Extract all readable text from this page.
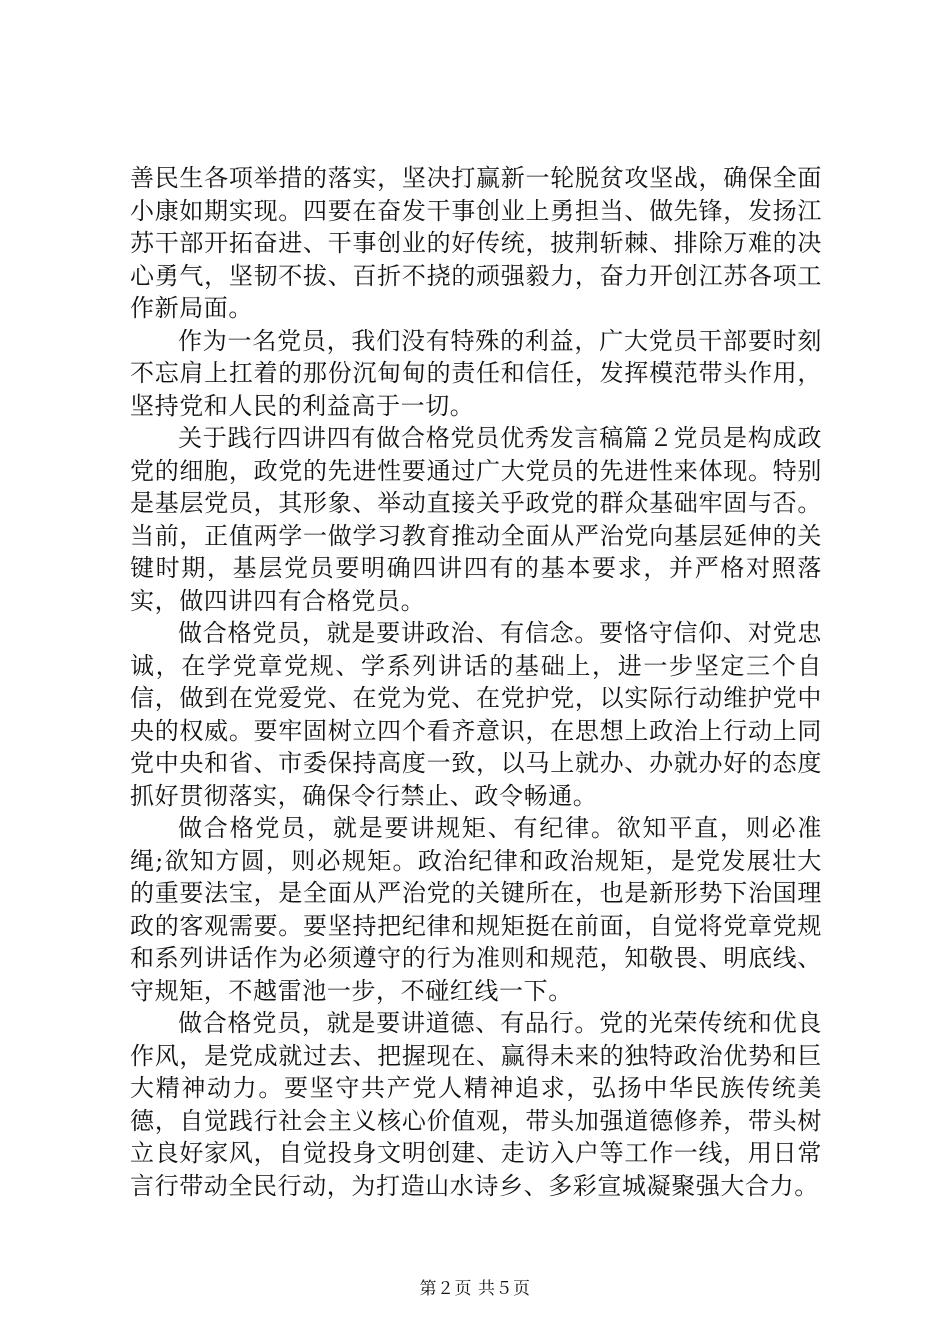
善民生各项举措的落实，坚决打赢新一轮脱贫攻坚战，确保全面小康如期实现。四要在奋发干事创业上勇担当、做先锋，发扬江苏干部开拓奋进、干事创业的好传统，披荆斩棘、排除万难的决心勇气，坚韧不拔、百折不挠的顽强毅力，奋力开创江苏各项工作新局面。

作为一名党员，我们没有特殊的利益，广大党员干部要时刻不忘肩上扛着的那份沉甸甸的责任和信任，发挥模范带头作用，坚持党和人民的利益高于一切。

关于践行四讲四有做合格党员优秀发言稿篇２党员是构成政党的细胞，政党的先进性要通过广大党员的先进性来体现。特别是基层党员，其形象、举动直接关乎政党的群众基础牢固与否。当前，正值两学一做学习教育推动全面从严治党向基层延伸的关键时期，基层党员要明确四讲四有的基本要求，并严格对照落实，做四讲四有合格党员。

做合格党员，就是要讲政治、有信念。要恪守信仰、对党忠诚，在学党章党规、学系列讲话的基础上，进一步坚定三个自信，做到在党爱党、在党为党、在党护党，以实际行动维护党中央的权威。要牢固树立四个看齐意识，在思想上政治上行动上同党中央和省、市委保持高度一致，以马上就办、办就办好的态度抓好贯彻落实，确保令行禁止、政令畅通。

做合格党员，就是要讲规矩、有纪律。欲知平直，则必准绳;欲知方圆，则必规矩。政治纪律和政治规矩，是党发展壮大的重要法宝，是全面从严治党的关键所在，也是新形势下治国理政的客观需要。要坚持把纪律和规矩挺在前面，自觉将党章党规和系列讲话作为必须遵守的行为准则和规范，知敬畏、明底线、守规矩，不越雷池一步，不碰红线一下。

做合格党员，就是要讲道德、有品行。党的光荣传统和优良作风，是党成就过去、把握现在、赢得未来的独特政治优势和巨大精神动力。要坚守共产党人精神追求，弘扬中华民族传统美德，自觉践行社会主义核心价值观，带头加强道德修养，带头树立良好家风，自觉投身文明创建、走访入户等工作一线，用日常言行带动全民行动，为打造山水诗乡、多彩宣城凝聚强大合力。

第２页 共５页
